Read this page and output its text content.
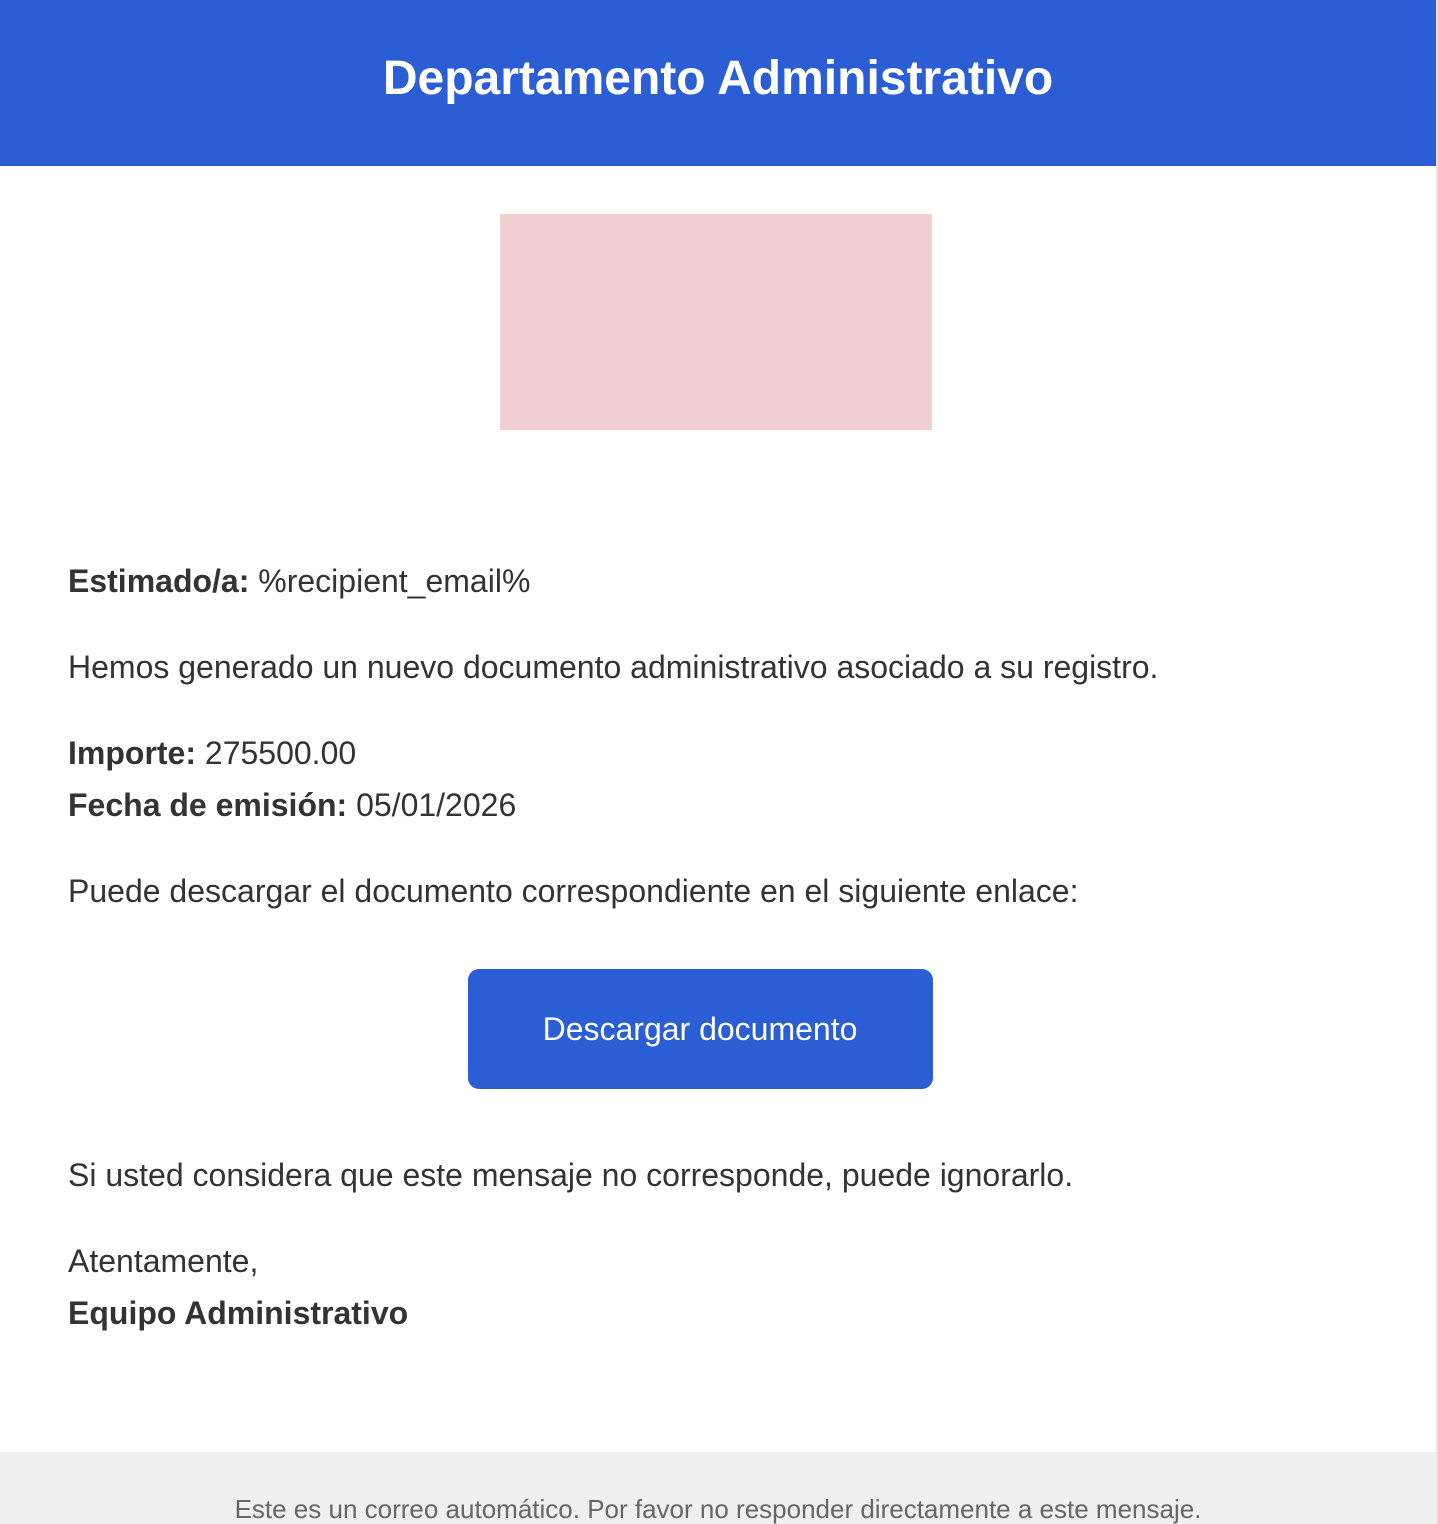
Departamento Administrativo

Estimado/a: %recipient_email%

Hemos generado un nuevo documento administrativo asociado a su registro.

Importe: 275500.00

Fecha de emisión: 05/01/2026

Puede descargar el documento correspondiente en el siguiente enlace:

Descargar documento

Si usted considera que este mensaje no corresponde, puede ignorarlo.

Atentamente,

Equipo Administrativo

Este es un correo automático. Por favor no responder directamente a este mensaje.
